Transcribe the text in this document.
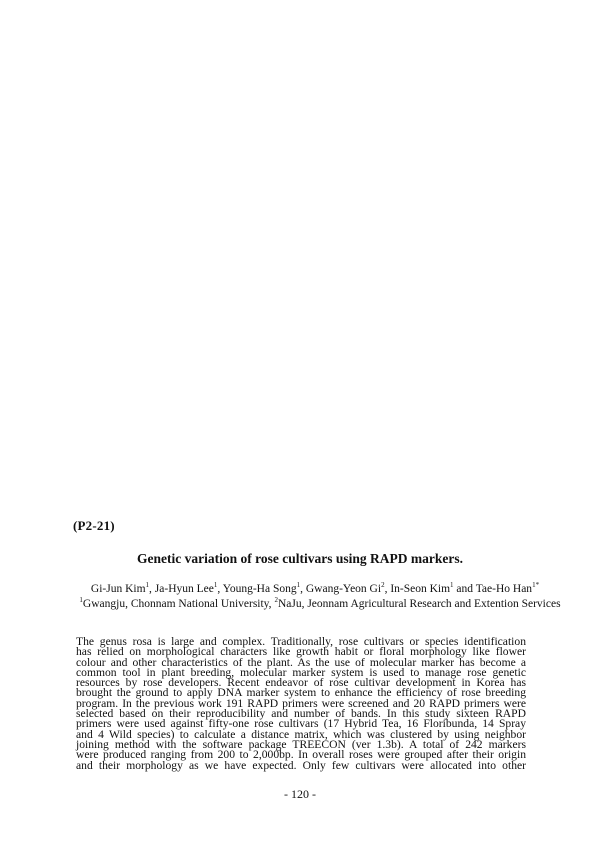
(P2-21)
Genetic variation of rose cultivars using RAPD markers.
Gi-Jun Kim$^1$, Ja-Hyun Lee$^1$, Young-Ha Song$^1$, Gwang-Yeon Gi$^2$, In-Seon Kim$^1$ and Tae-Ho Han$^{1*}$
$^1$Gwangju, Chonnam National University, $^2$NaJu, Jeonnam Agricultural Research and Extention Services
The genus rosa is large and complex. Traditionally, rose cultivars or species identification
has relied on morphological characters like growth habit or floral morphology like flower
colour and other characteristics of the plant. As the use of molecular marker has become a
common tool in plant breeding, molecular marker system is used to manage rose genetic
resources by rose developers. Recent endeavor of rose cultivar development in Korea has
brought the ground to apply DNA marker system to enhance the efficiency of rose breeding
program. In the previous work 191 RAPD primers were screened and 20 RAPD primers were
selected based on their reproducibility and number of bands. In this study sixteen RAPD
primers were used against fifty-one rose cultivars (17 Hybrid Tea, 16 Floribunda, 14 Spray
and 4 Wild species) to calculate a distance matrix, which was clustered by using neighbor
joining method with the software package TREECON (ver 1.3b). A total of 242 markers
were produced ranging from 200 to 2,000bp. In overall roses were grouped after their origin
and their morphology as we have expected. Only few cultivars were allocated into other
- 120 -
